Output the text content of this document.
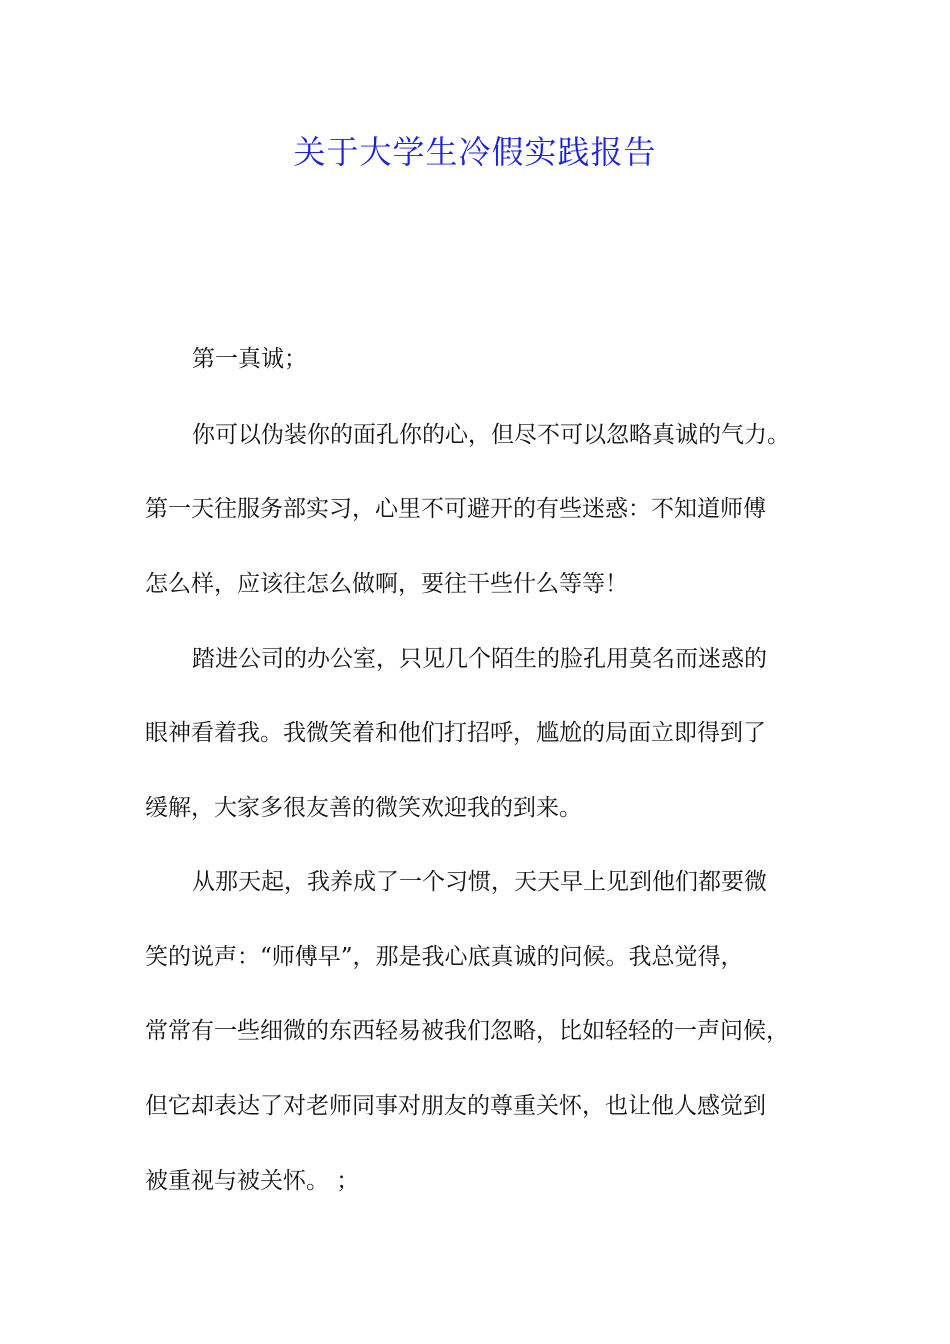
关于大学生冷假实践报告
第一真诚；
你可以伪装你的面孔你的心，但尽不可以忽略真诚的气力。
第一天往服务部实习，心里不可避开的有些迷惑：不知道师傅
怎么样，应该往怎么做啊，要往干些什么等等！
踏进公司的办公室，只见几个陌生的脸孔用莫名而迷惑的
眼神看着我。我微笑着和他们打招呼，尴尬的局面立即得到了
缓解，大家多很友善的微笑欢迎我的到来。
从那天起，我养成了一个习惯，天天早上见到他们都要微
笑的说声：“师傅早”，那是我心底真诚的问候。我总觉得，
常常有一些细微的东西轻易被我们忽略，比如轻轻的一声问候，
但它却表达了对老师同事对朋友的尊重关怀，也让他人感觉到
被重视与被关怀。 ；
